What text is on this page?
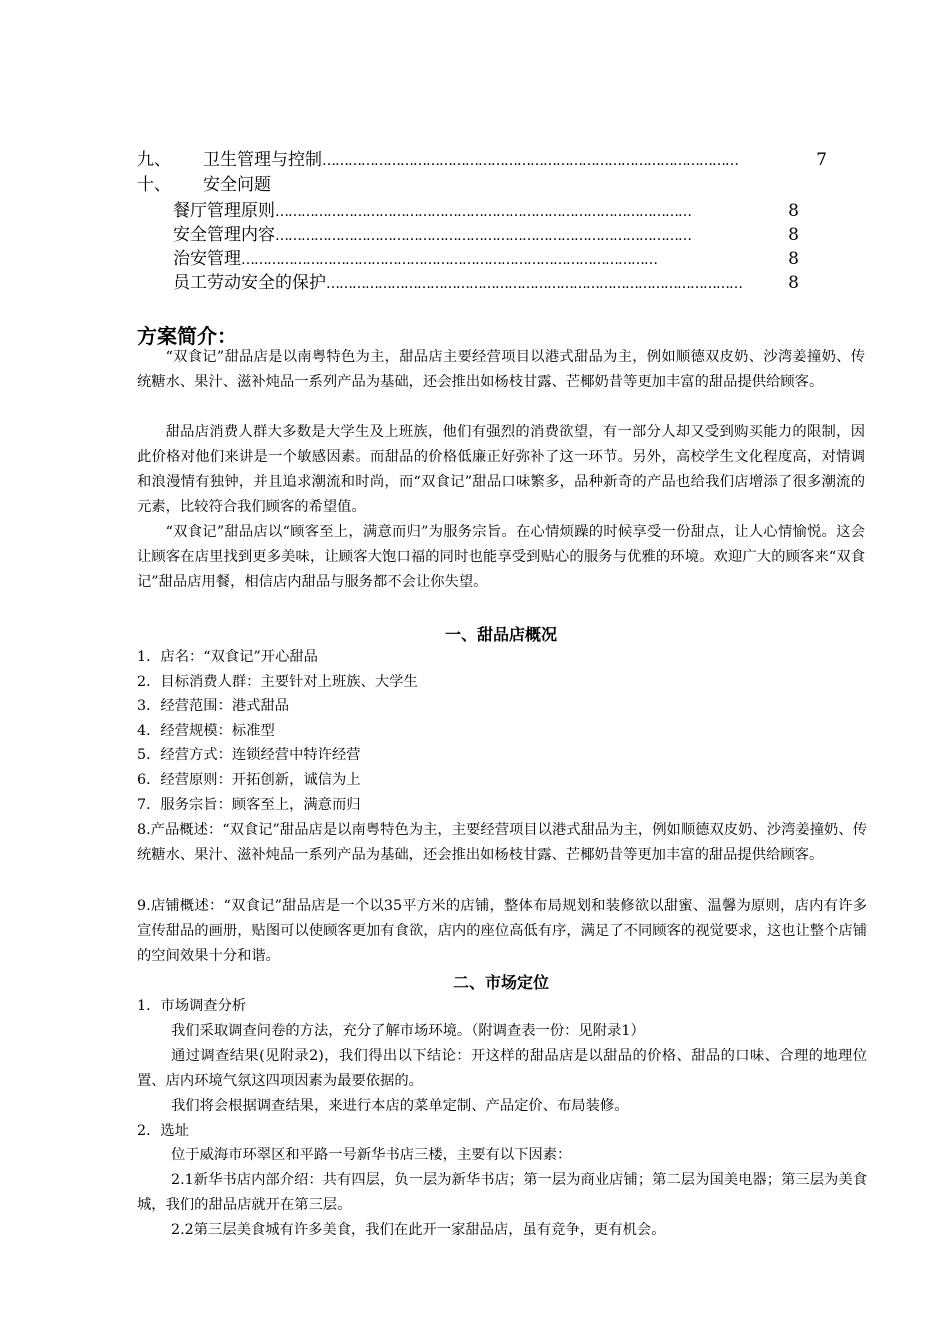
九、	卫生管理与控制 ……………………………………………………………………………………	7
十、	安全问题
餐厅管理原则 ……………………………………………………………………………………	8
安全管理内容 ……………………………………………………………………………………	8
治安管理 ……………………………………………………………………………………	8
员工劳动安全的保护 ……………………………………………………………………………………	8
方案简介：
“双食记”甜品店是以南粤特色为主，甜品店主要经营项目以港式甜品为主，例如顺德双皮奶、沙湾姜撞奶、传统糖水、果汁、滋补炖品一系列产品为基础，还会推出如杨枝甘露、芒椰奶昔等更加丰富的甜品提供给顾客。
甜品店消费人群大多数是大学生及上班族，他们有强烈的消费欲望，有一部分人却又受到购买能力的限制，因此价格对他们来讲是一个敏感因素。而甜品的价格低廉正好弥补了这一环节。另外，高校学生文化程度高，对情调和浪漫情有独钟，并且追求潮流和时尚，而“双食记”甜品口味繁多，品种新奇的产品也给我们店增添了很多潮流的元素，比较符合我们顾客的希望值。
“双食记”甜品店以“顾客至上，满意而归”为服务宗旨。在心情烦躁的时候享受一份甜点，让人心情愉悦。这会让顾客在店里找到更多美味，让顾客大饱口福的同时也能享受到贴心的服务与优雅的环境。欢迎广大的顾客来“双食记”甜品店用餐，相信店内甜品与服务都不会让你失望。
一、甜品店概况
1．店名：“双食记”开心甜品
2．目标消费人群：主要针对上班族、大学生
3．经营范围：港式甜品
4．经营规模：标准型
5．经营方式：连锁经营中特许经营
6．经营原则：开拓创新，诚信为上
7．服务宗旨：顾客至上，满意而归
8.产品概述：“双食记”甜品店是以南粤特色为主，主要经营项目以港式甜品为主，例如顺德双皮奶、沙湾姜撞奶、传统糖水、果汁、滋补炖品一系列产品为基础，还会推出如杨枝甘露、芒椰奶昔等更加丰富的甜品提供给顾客。
9.店铺概述：“双食记”甜品店是一个以35平方米的店铺，整体布局规划和装修欲以甜蜜、温馨为原则，店内有许多宣传甜品的画册，贴图可以使顾客更加有食欲，店内的座位高低有序，满足了不同顾客的视觉要求，这也让整个店铺的空间效果十分和谐。
二、市场定位
1．市场调查分析
我们采取调查问卷的方法，充分了解市场环境。（附调查表一份：见附录1）
通过调查结果(见附录2)，我们得出以下结论：开这样的甜品店是以甜品的价格、甜品的口味、合理的地理位置、店内环境气氛这四项因素为最要依据的。
我们将会根据调查结果，来进行本店的菜单定制、产品定价、布局装修。
2．选址
位于威海市环翠区和平路一号新华书店三楼，主要有以下因素：
2.1新华书店内部介绍：共有四层，负一层为新华书店；第一层为商业店铺；第二层为国美电器；第三层为美食城，我们的甜品店就开在第三层。
2.2第三层美食城有许多美食，我们在此开一家甜品店，虽有竞争，更有机会。
